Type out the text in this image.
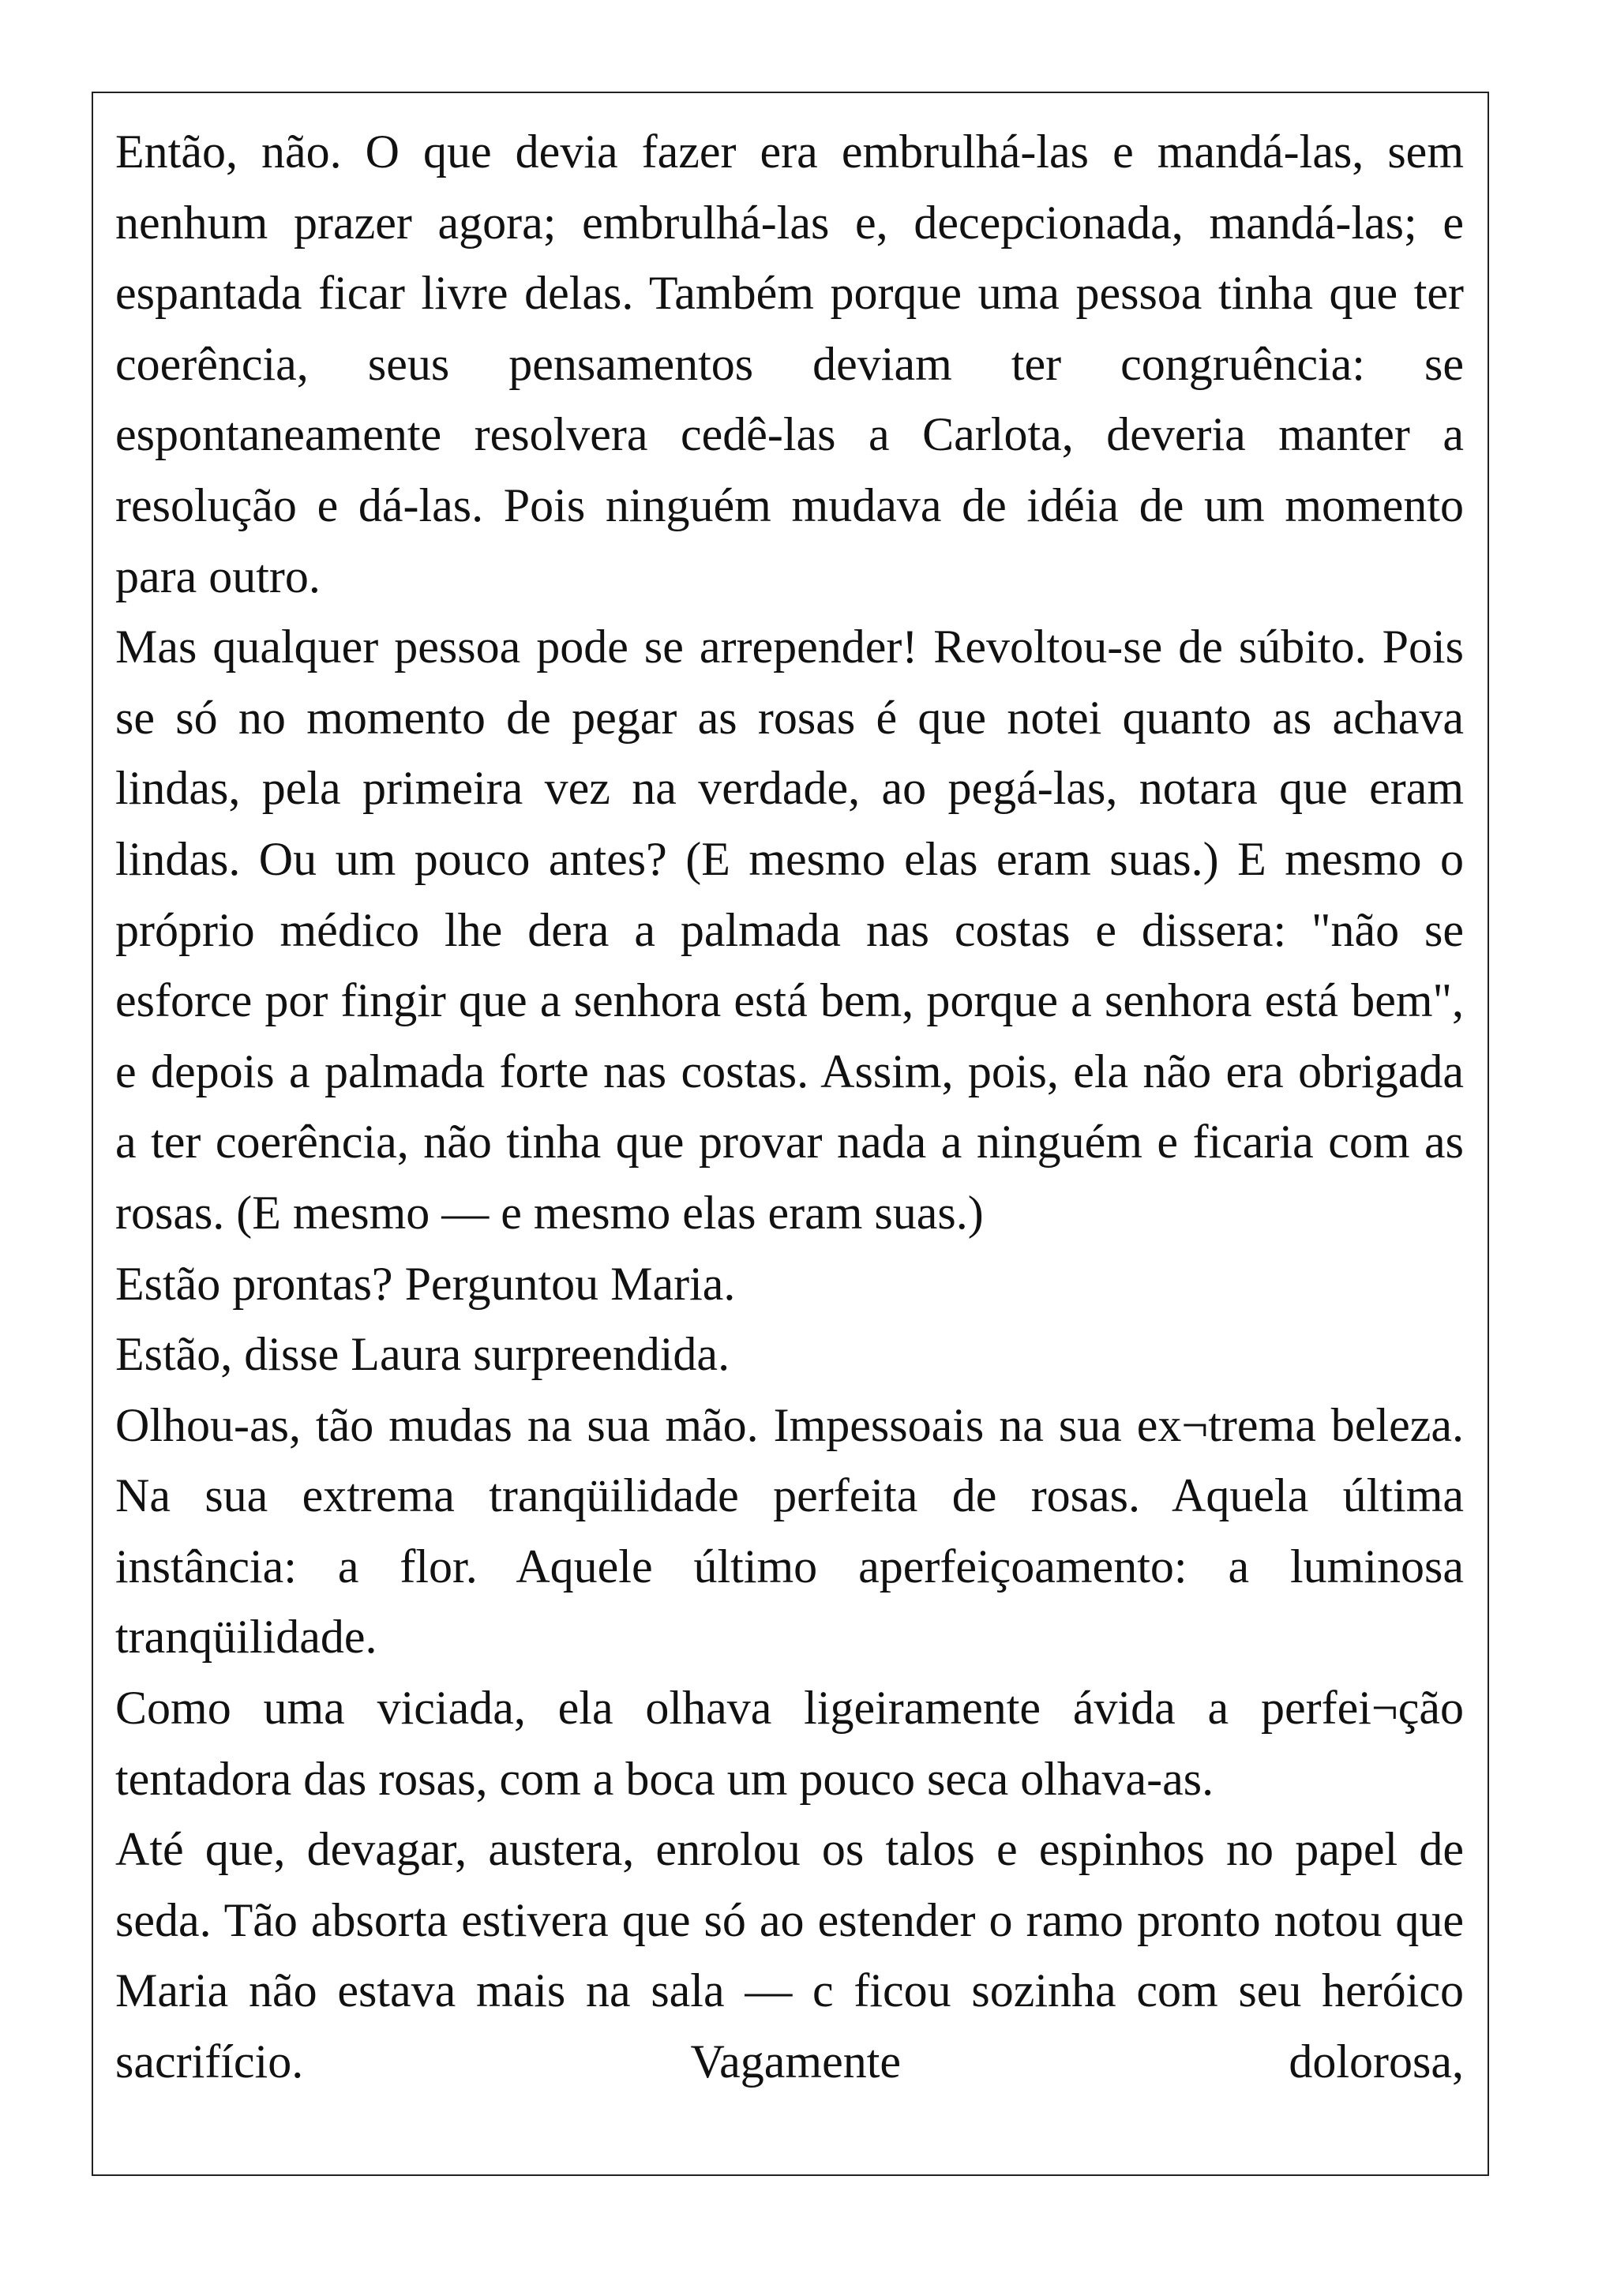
Então, não. O que devia fazer era embrulhá-las e mandá-las, sem nenhum prazer agora; embrulhá-las e, decepcionada, mandá-las; e espantada ficar livre delas. Também porque uma pessoa tinha que ter coerência, seus pensamentos deviam ter congruência: se espontaneamente resolvera cedê-las a Carlota, deveria manter a resolução e dá-las. Pois ninguém mudava de idéia de um momento para outro.

Mas qualquer pessoa pode se arrepender! Revoltou-se de súbito. Pois se só no momento de pegar as rosas é que notei quanto as achava lindas, pela primeira vez na verdade, ao pegá-las, notara que eram lindas. Ou um pouco antes? (E mesmo elas eram suas.) E mesmo o próprio médico lhe dera a palmada nas costas e dissera: "não se esforce por fingir que a senhora está bem, porque a senhora está bem", e depois a palmada forte nas costas. Assim, pois, ela não era obrigada a ter coerência, não tinha que provar nada a ninguém e ficaria com as rosas. (E mesmo — e mesmo elas eram suas.)

Estão prontas? Perguntou Maria.

Estão, disse Laura surpreendida.

Olhou-as, tão mudas na sua mão. Impessoais na sua ex¬trema beleza. Na sua extrema tranqüilidade perfeita de rosas. Aquela última instância: a flor. Aquele último aperfeiçoamento: a luminosa tranqüilidade.

Como uma viciada, ela olhava ligeiramente ávida a perfei¬ção tentadora das rosas, com a boca um pouco seca olhava-as.

Até que, devagar, austera, enrolou os talos e espinhos no papel de seda. Tão absorta estivera que só ao estender o ramo pronto notou que Maria não estava mais na sala — c ficou sozinha com seu heróico sacrifício. Vagamente dolorosa,
